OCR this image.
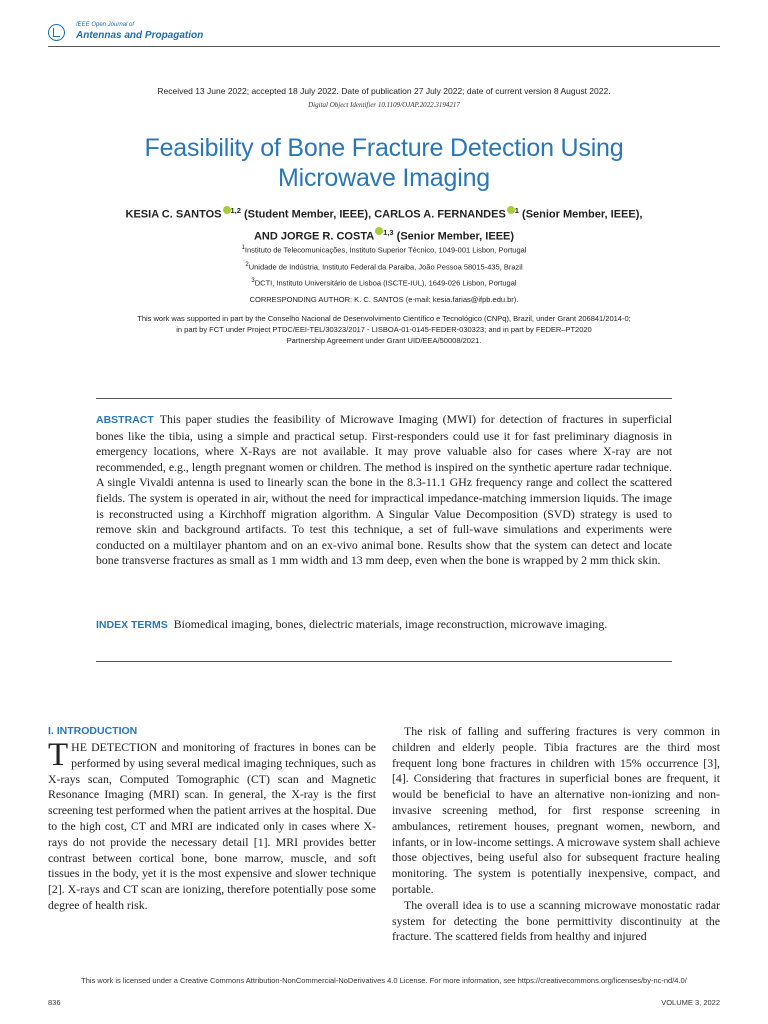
IEEE Open Journal of
Antennas and Propagation
Received 13 June 2022; accepted 18 July 2022. Date of publication 27 July 2022; date of current version 8 August 2022.
Digital Object Identifier 10.1109/OJAP.2022.3194217
Feasibility of Bone Fracture Detection Using
Microwave Imaging
KESIA C. SANTOS $^{1,2}$ (Student Member, IEEE), CARLOS A. FERNANDES $^1$ (Senior Member, IEEE),
AND JORGE R. COSTA $^{1,3}$ (Senior Member, IEEE)
$^1$Instituto de Telecomunicações, Instituto Superior Técnico, 1049-001 Lisbon, Portugal
$^2$Unidade de Indústria, Instituto Federal da Paraiba, João Pessoa 58015-435, Brazil
$^3$DCTI, Instituto Universitário de Lisboa (ISCTE-IUL), 1649-026 Lisbon, Portugal
CORRESPONDING AUTHOR: K. C. SANTOS (e-mail: kesia.farias@ifpb.edu.br).
This work was supported in part by the Conselho Nacional de Desenvolvimento Científico e Tecnológico (CNPq), Brazil, under Grant 206841/2014-0;
in part by FCT under Project PTDC/EEI-TEL/30323/2017 - LISBOA-01-0145-FEDER-030323; and in part by FEDER–PT2020
Partnership Agreement under Grant UID/EEA/50008/2021.
ABSTRACT This paper studies the feasibility of Microwave Imaging (MWI) for detection of fractures in superficial bones like the tibia, using a simple and practical setup. First-responders could use it for fast preliminary diagnosis in emergency locations, where X-Rays are not available. It may prove valuable also for cases where X-ray are not recommended, e.g., length pregnant women or children. The method is inspired on the synthetic aperture radar technique. A single Vivaldi antenna is used to linearly scan the bone in the 8.3-11.1 GHz frequency range and collect the scattered fields. The system is operated in air, without the need for impractical impedance-matching immersion liquids. The image is reconstructed using a Kirchhoff migration algorithm. A Singular Value Decomposition (SVD) strategy is used to remove skin and background artifacts. To test this technique, a set of full-wave simulations and experiments were conducted on a multilayer phantom and on an ex-vivo animal bone. Results show that the system can detect and locate bone transverse fractures as small as 1 mm width and 13 mm deep, even when the bone is wrapped by 2 mm thick skin.
INDEX TERMS Biomedical imaging, bones, dielectric materials, image reconstruction, microwave imaging.
I. INTRODUCTION
THE DETECTION and monitoring of fractures in bones can be performed by using several medical imaging techniques, such as X-rays scan, Computed Tomographic (CT) scan and Magnetic Resonance Imaging (MRI) scan. In general, the X-ray is the first screening test performed when the patient arrives at the hospital. Due to the high cost, CT and MRI are indicated only in cases where X-rays do not provide the necessary detail [1]. MRI provides better contrast between cortical bone, bone marrow, muscle, and soft tissues in the body, yet it is the most expensive and slower technique [2]. X-rays and CT scan are ionizing, therefore potentially pose some degree of health risk.
The risk of falling and suffering fractures is very common in children and elderly people. Tibia fractures are the third most frequent long bone fractures in children with 15% occurrence [3], [4]. Considering that fractures in superficial bones are frequent, it would be beneficial to have an alternative non-ionizing and non-invasive screening method, for first response screening in ambulances, retirement houses, pregnant women, newborn, and infants, or in low-income settings. A microwave system shall achieve those objectives, being useful also for subsequent fracture healing monitoring. The system is potentially inexpensive, compact, and portable.
The overall idea is to use a scanning microwave monostatic radar system for detecting the bone permittivity discontinuity at the fracture. The scattered fields from healthy and injured
This work is licensed under a Creative Commons Attribution-NonCommercial-NoDerivatives 4.0 License. For more information, see https://creativecommons.org/licenses/by-nc-nd/4.0/
836	VOLUME 3, 2022
